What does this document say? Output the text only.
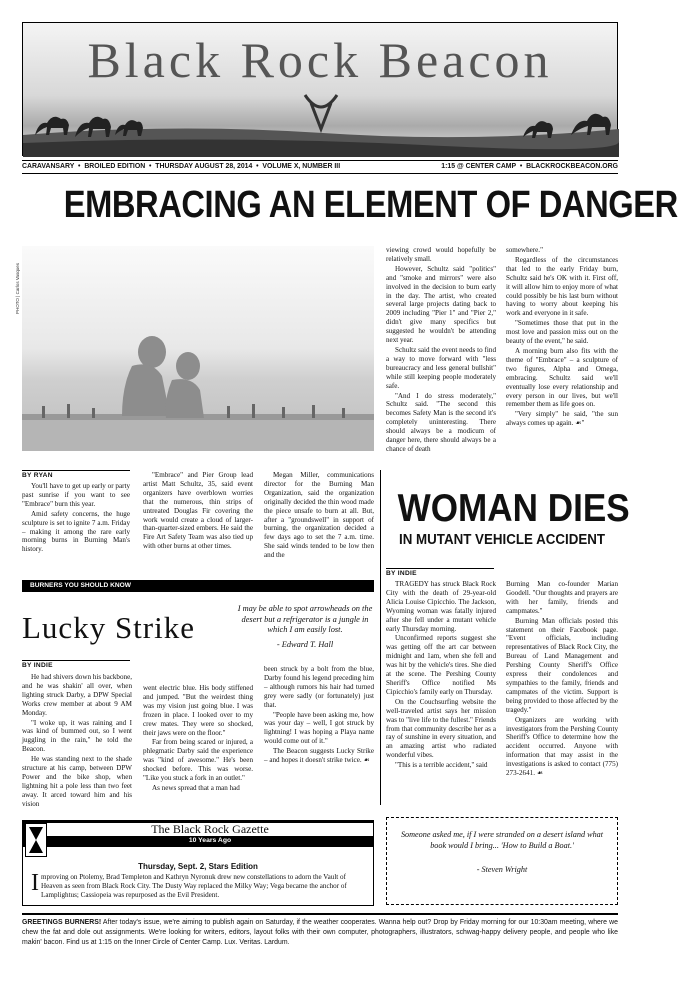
Black Rock Beacon
CARAVANSARY • BROILED EDITION • THURSDAY AUGUST 28, 2014 • VOLUME X, NUMBER III	1:15 @ CENTER CAMP • BLACKROCKBEACON.ORG
EMBRACING AN ELEMENT OF DANGER
PHOTO | Carlos Vasques

viewing crowd would hopefully be relatively small.

However, Schultz said "politics" and "smoke and mirrors" were also involved in the decision to burn early in the day. The artist, who created several large projects dating back to 2009 including "Pier 1" and "Pier 2," didn't give many specifics but suggested he wouldn't be attending next year.

Schultz said the event needs to find a way to move forward with "less bureaucracy and less general bullshit" while still keeping people moderately safe.

"And I do stress moderately," Schultz said. "The second this becomes Safety Man is the second it's completely uninteresting. There should always be a modicum of danger here, there should always be a chance of death

somewhere."

Regardless of the circumstances that led to the early Friday burn, Schultz said he's OK with it. First off, it will allow him to enjoy more of what could possibly be his last burn without having to worry about keeping his work and everyone in it safe.

"Sometimes those that put in the most love and passion miss out on the beauty of the event," he said.

A morning burn also fits with the theme of "Embrace" – a sculpture of two figures, Alpha and Omega, embracing. Schultz said we'll eventually lose every relationship and every person in our lives, but we'll remember them as life goes on.

"Very simply" he said, "the sun always comes up again. ☙"

BY RYAN

You'll have to get up early or party past sunrise if you want to see "Embrace" burn this year.

Amid safety concerns, the huge sculpture is set to ignite 7 a.m. Friday – making it among the rare early morning burns in Burning Man's history.

"Embrace" and Pier Group lead artist Matt Schultz, 35, said event organizers have overblown worries that the numerous, thin strips of untreated Douglas Fir covering the work would create a cloud of larger-than-quarter-sized embers. He said the Fire Art Safety Team was also tied up with other burns at other times.

Megan Miller, communications director for the Burning Man Organization, said the organization originally decided the thin wood made the piece unsafe to burn at all. But, after a "groundswell" in support of burning, the organization decided a few days ago to set the 7 a.m. time. She said winds tended to be low then and the

WOMAN DIES
IN MUTANT VEHICLE ACCIDENT
BY INDIE

TRAGEDY has struck Black Rock City with the death of 29-year-old Alicia Louise Cipicchio. The Jackson, Wyoming woman was fatally injured after she fell under a mutant vehicle early Thursday morning.

Unconfirmed reports suggest she was getting off the art car between midnight and 1am, when she fell and was hit by the vehicle's tires. She died at the scene. The Pershing County Sheriff's Office notified Ms Cipicchio's family early on Thursday.

On the Couchsurfing website the well-traveled artist says her mission was to "live life to the fullest." Friends from that community describe her as a ray of sunshine in every situation, and an amazing artist who radiated wonderful vibes.

"This is a terrible accident," said

Burning Man co-founder Marian Goodell. "Our thoughts and prayers are with her family, friends and campmates."

Burning Man officials posted this statement on their Facebook page. "Event officials, including representatives of Black Rock City, the Bureau of Land Management and Pershing County Sheriff's Office express their condolences and sympathies to the family, friends and campmates of the victim. Support is being provided to those affected by the tragedy."

Organizers are working with investigators from the Pershing County Sheriff's Office to determine how the accident occurred. Anyone with information that may assist in the investigations is asked to contact (775) 273-2641. ☙

BURNERS YOU SHOULD KNOW
Lucky Strike
I may be able to spot arrowheads on the desert but a refrigerator is a jungle in which I am easily lost.
- Edward T. Hall
BY INDIE

He had shivers down his backbone, and he was shakin' all over, when lighting struck Darby, a DPW Special Works crew member at about 9 AM Monday.

"I woke up, it was raining and I was kind of bummed out, so I went juggling in the rain," he told the Beacon.

He was standing next to the shade structure at his camp, between DPW Power and the bike shop, when lightning hit a pole less than two feet away. It arced toward him and his vision

went electric blue. His body stiffened and jumped. "But the weirdest thing was my vision just going blue. I was frozen in place. I looked over to my crew mates. They were so shocked, their jaws were on the floor."

Far from being scared or injured, a phlegmatic Darby said the experience was "kind of awesome." He's been shocked before. This was worse. "Like you stuck a fork in an outlet."

As news spread that a man had

been struck by a bolt from the blue, Darby found his legend preceding him – although rumors his hair had turned grey were sadly (or fortunately) just that.

"People have been asking me, how was your day – well, I got struck by lightning! I was hoping a Playa name would come out of it."

The Beacon suggests Lucky Strike – and hopes it doesn't strike twice. ☙

The Black Rock Gazette
10 Years Ago
Thursday, Sept. 2, Stars Edition
I mproving on Ptolemy, Brad Templeton and Kathryn Nyronuk drew new constellations to adorn the Vault of Heaven as seen from Black Rock City. The Dusty Way replaced the Milky Way; Vega became the anchor of Lamplightus; Cassiopeia was repurposed as the Evil President.
Someone asked me, if I were stranded on a desert island what book would I bring... 'How to Build a Boat.'
- Steven Wright
GREETINGS BURNERS! After today's issue, we're aiming to publish again on Saturday, if the weather cooperates. Wanna help out? Drop by Friday morning for our 10:30am meeting, where we chew the fat and dole out assignments. We're looking for writers, editors, layout folks with their own computer, photographers, illustrators, schwag-happy delivery people, and people who like makin' bacon. Find us at 1:15 on the Inner Circle of Center Camp. Lux. Veritas. Lardum.
